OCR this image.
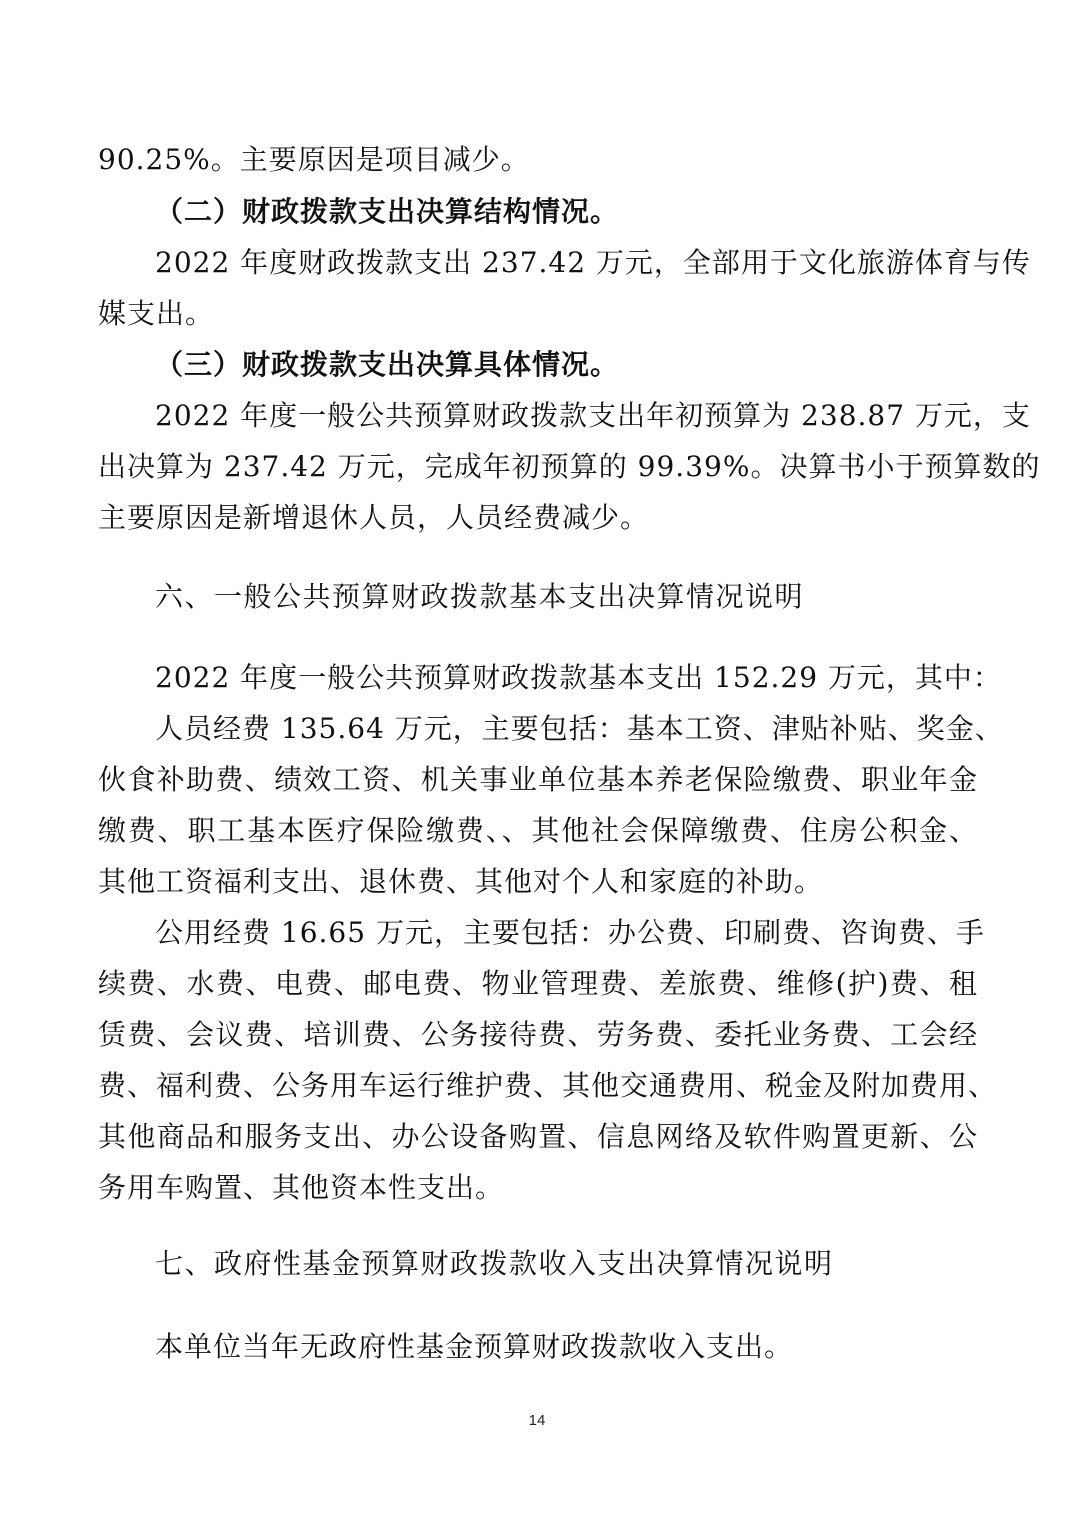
90.25%。主要原因是项目减少。
（二）财政拨款支出决算结构情况。
2022 年度财政拨款支出 237.42 万元，全部用于文化旅游体育与传
媒支出。
（三）财政拨款支出决算具体情况。
2022 年度一般公共预算财政拨款支出年初预算为 238.87 万元，支
出决算为 237.42 万元，完成年初预算的 99.39%。决算书小于预算数的
主要原因是新增退休人员，人员经费减少。
六、一般公共预算财政拨款基本支出决算情况说明
2022 年度一般公共预算财政拨款基本支出 152.29 万元，其中：
人员经费 135.64 万元，主要包括：基本工资、津贴补贴、奖金、
伙食补助费、绩效工资、机关事业单位基本养老保险缴费、职业年金
缴费、职工基本医疗保险缴费、、其他社会保障缴费、住房公积金、
其他工资福利支出、退休费、其他对个人和家庭的补助。
公用经费 16.65 万元，主要包括：办公费、印刷费、咨询费、手
续费、水费、电费、邮电费、物业管理费、差旅费、维修(护)费、租
赁费、会议费、培训费、公务接待费、劳务费、委托业务费、工会经
费、福利费、公务用车运行维护费、其他交通费用、税金及附加费用、
其他商品和服务支出、办公设备购置、信息网络及软件购置更新、公
务用车购置、其他资本性支出。
七、政府性基金预算财政拨款收入支出决算情况说明
本单位当年无政府性基金预算财政拨款收入支出。
14
